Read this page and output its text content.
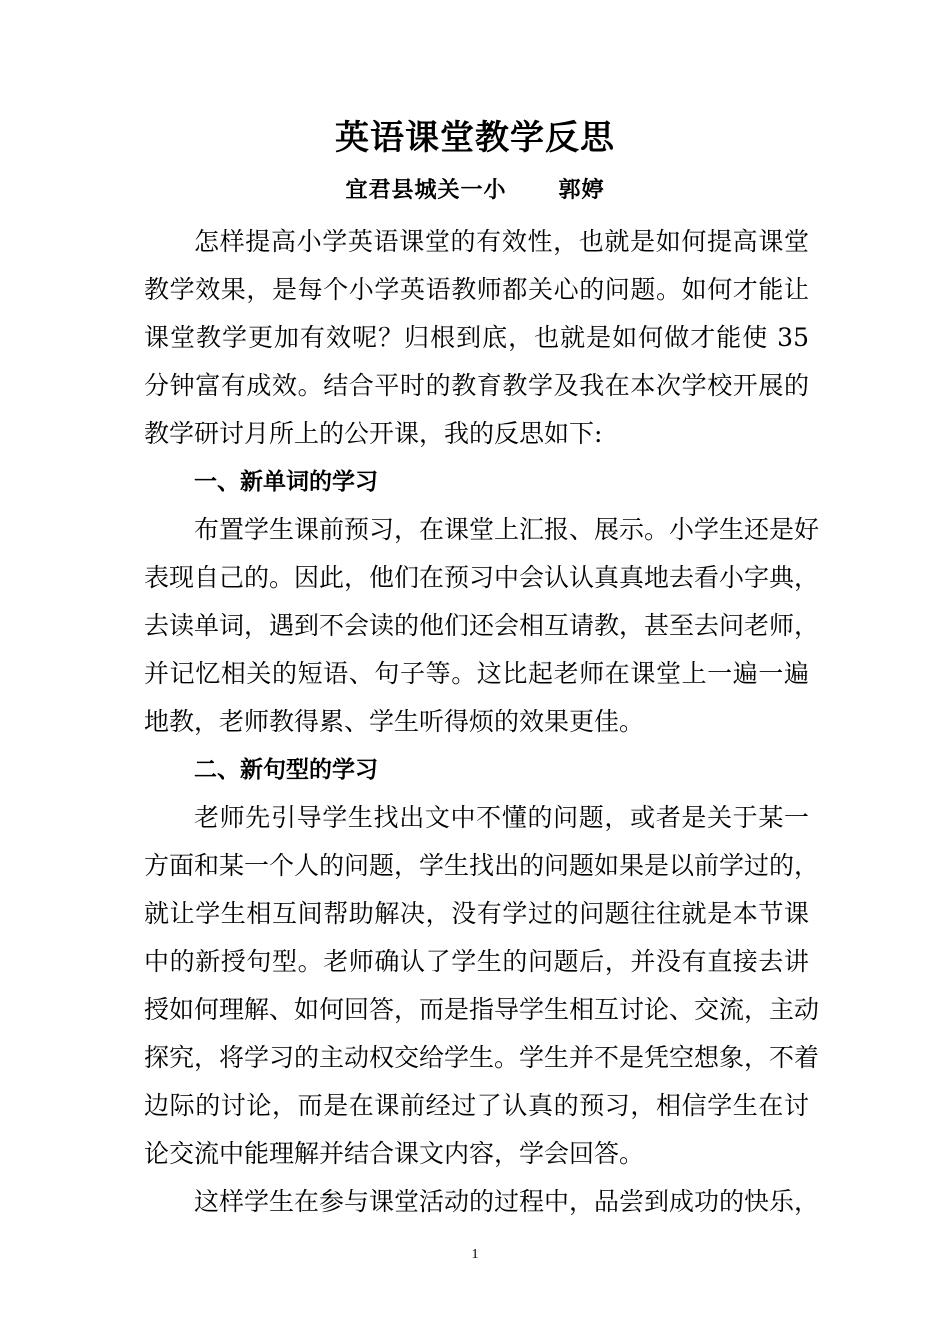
英语课堂教学反思
宜君县城关一小      郭婷
怎样提高小学英语课堂的有效性，也就是如何提高课堂
教学效果，是每个小学英语教师都关心的问题。如何才能让
课堂教学更加有效呢？归根到底，也就是如何做才能使 35
分钟富有成效。结合平时的教育教学及我在本次学校开展的
教学研讨月所上的公开课，我的反思如下:
一、新单词的学习
布置学生课前预习，在课堂上汇报、展示。小学生还是好
表现自己的。因此，他们在预习中会认认真真地去看小字典，
去读单词，遇到不会读的他们还会相互请教，甚至去问老师，
并记忆相关的短语、句子等。这比起老师在课堂上一遍一遍
地教，老师教得累、学生听得烦的效果更佳。
二、新句型的学习
老师先引导学生找出文中不懂的问题，或者是关于某一
方面和某一个人的问题，学生找出的问题如果是以前学过的，
就让学生相互间帮助解决，没有学过的问题往往就是本节课
中的新授句型。老师确认了学生的问题后，并没有直接去讲
授如何理解、如何回答，而是指导学生相互讨论、交流，主动
探究，将学习的主动权交给学生。学生并不是凭空想象，不着
边际的讨论，而是在课前经过了认真的预习，相信学生在讨
论交流中能理解并结合课文内容，学会回答。
这样学生在参与课堂活动的过程中，品尝到成功的快乐，
1
